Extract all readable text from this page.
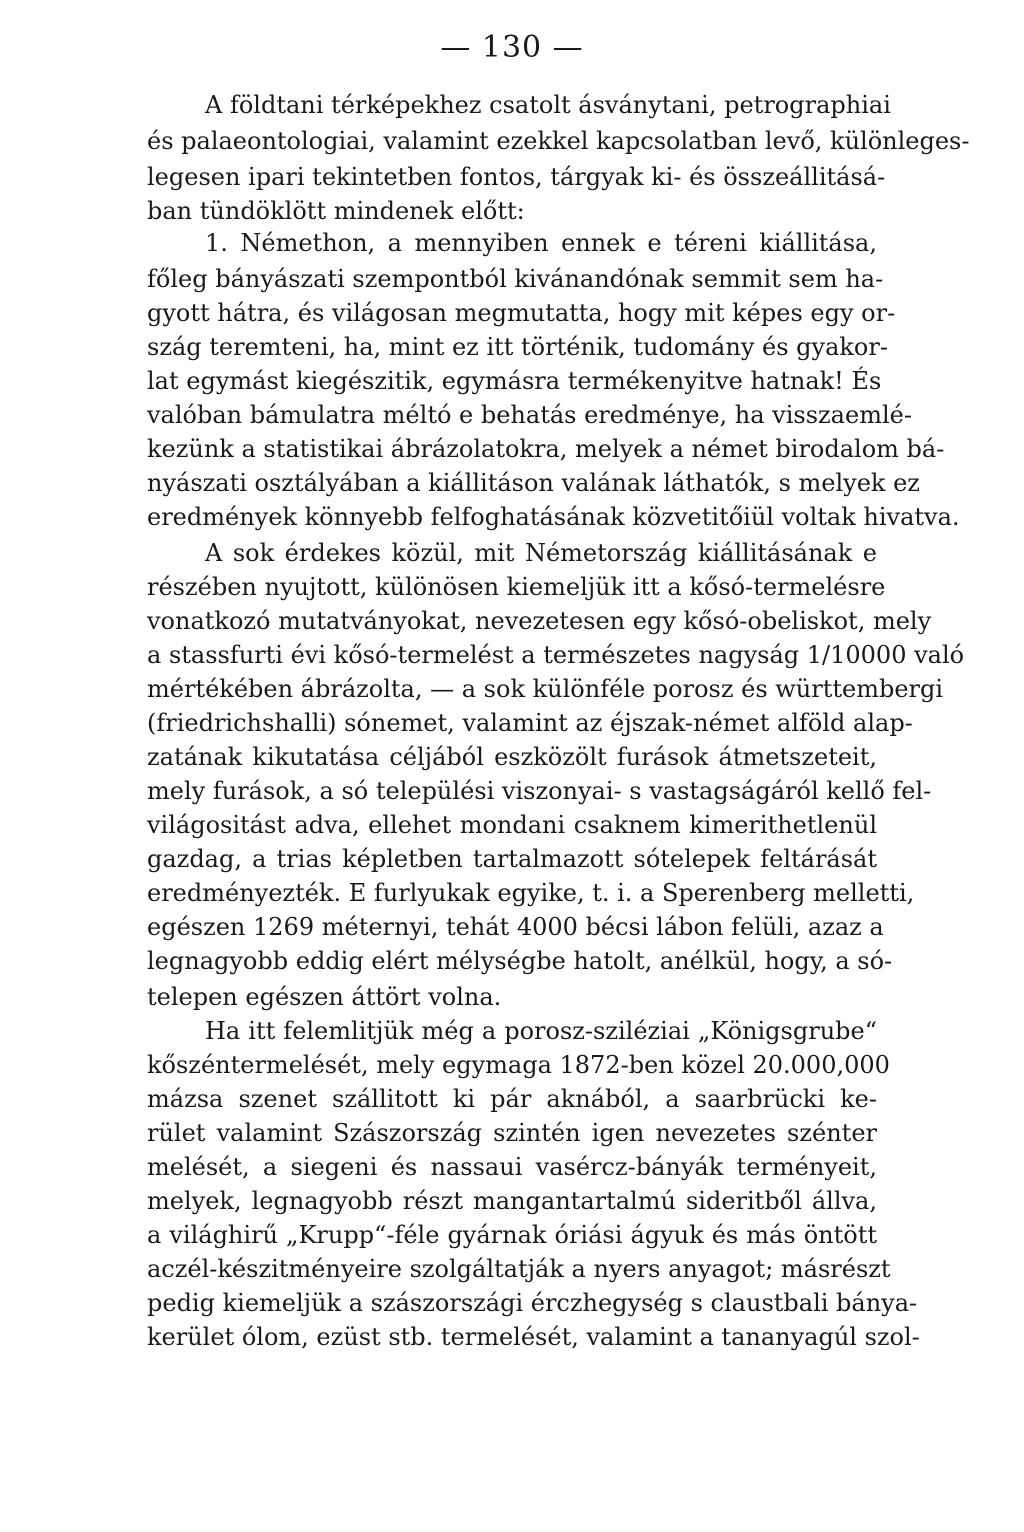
— 130 —
A földtani térképekhez csatolt ásványtani, petrographiai
és palaeontologiai, valamint ezekkel kapcsolatban levő, különleges-
legesen ipari tekintetben fontos, tárgyak ki- és összeállitásá-
ban tündöklött mindenek előtt:
1. Némethon, a mennyiben ennek e téreni kiállitása,
főleg bányászati szempontból kivánandónak semmit sem ha-
gyott hátra, és világosan megmutatta, hogy mit képes egy or-
szág teremteni, ha, mint ez itt történik, tudomány és gyakor-
lat egymást kiegészitik, egymásra termékenyitve hatnak! És
valóban bámulatra méltó e behatás eredménye, ha visszaemlé-
kezünk a statistikai ábrázolatokra, melyek a német birodalom bá-
nyászati osztályában a kiállitáson valának láthatók, s melyek ez
eredmények könnyebb felfoghatásának közvetitőiül voltak hivatva.
A sok érdekes közül, mit Németország kiállitásának e
részében nyujtott, különösen kiemeljük itt a kősó-termelésre
vonatkozó mutatványokat, nevezetesen egy kősó-obeliskot, mely
a stassfurti évi kősó-termelést a természetes nagyság 1/10000 való
mértékében ábrázolta, — a sok különféle porosz és württembergi
(friedrichshalli) sónemet, valamint az éjszak-német alföld alap-
zatának kikutatása céljából eszközölt furások átmetszeteit,
mely furások, a só települési viszonyai- s vastagságáról kellő fel-
világositást adva, ellehet mondani csaknem kimerithetlenül
gazdag, a trias képletben tartalmazott sótelepek feltárását
eredményezték. E furlyukak egyike, t. i. a Sperenberg melletti,
egészen 1269 méternyi, tehát 4000 bécsi lábon felüli, azaz a
legnagyobb eddig elért mélységbe hatolt, anélkül, hogy, a só-
telepen egészen áttört volna.
Ha itt felemlitjük még a porosz-sziléziai „Königsgrube“
kőszéntermelését, mely egymaga 1872-ben közel 20.000,000
mázsa szenet szállitott ki pár aknából, a saarbrücki ke-
rület valamint Szászország szintén igen nevezetes szénter
melését, a siegeni és nassaui vasércz-bányák terményeit,
melyek, legnagyobb részt mangantartalmú sideritből állva,
a világhirű „Krupp“-féle gyárnak óriási ágyuk és más öntött
aczél-készitményeire szolgáltatják a nyers anyagot; másrészt
pedig kiemeljük a szászországi érczhegység s claustbali bánya-
kerület ólom, ezüst stb. termelését, valamint a tananyagúl szol-
